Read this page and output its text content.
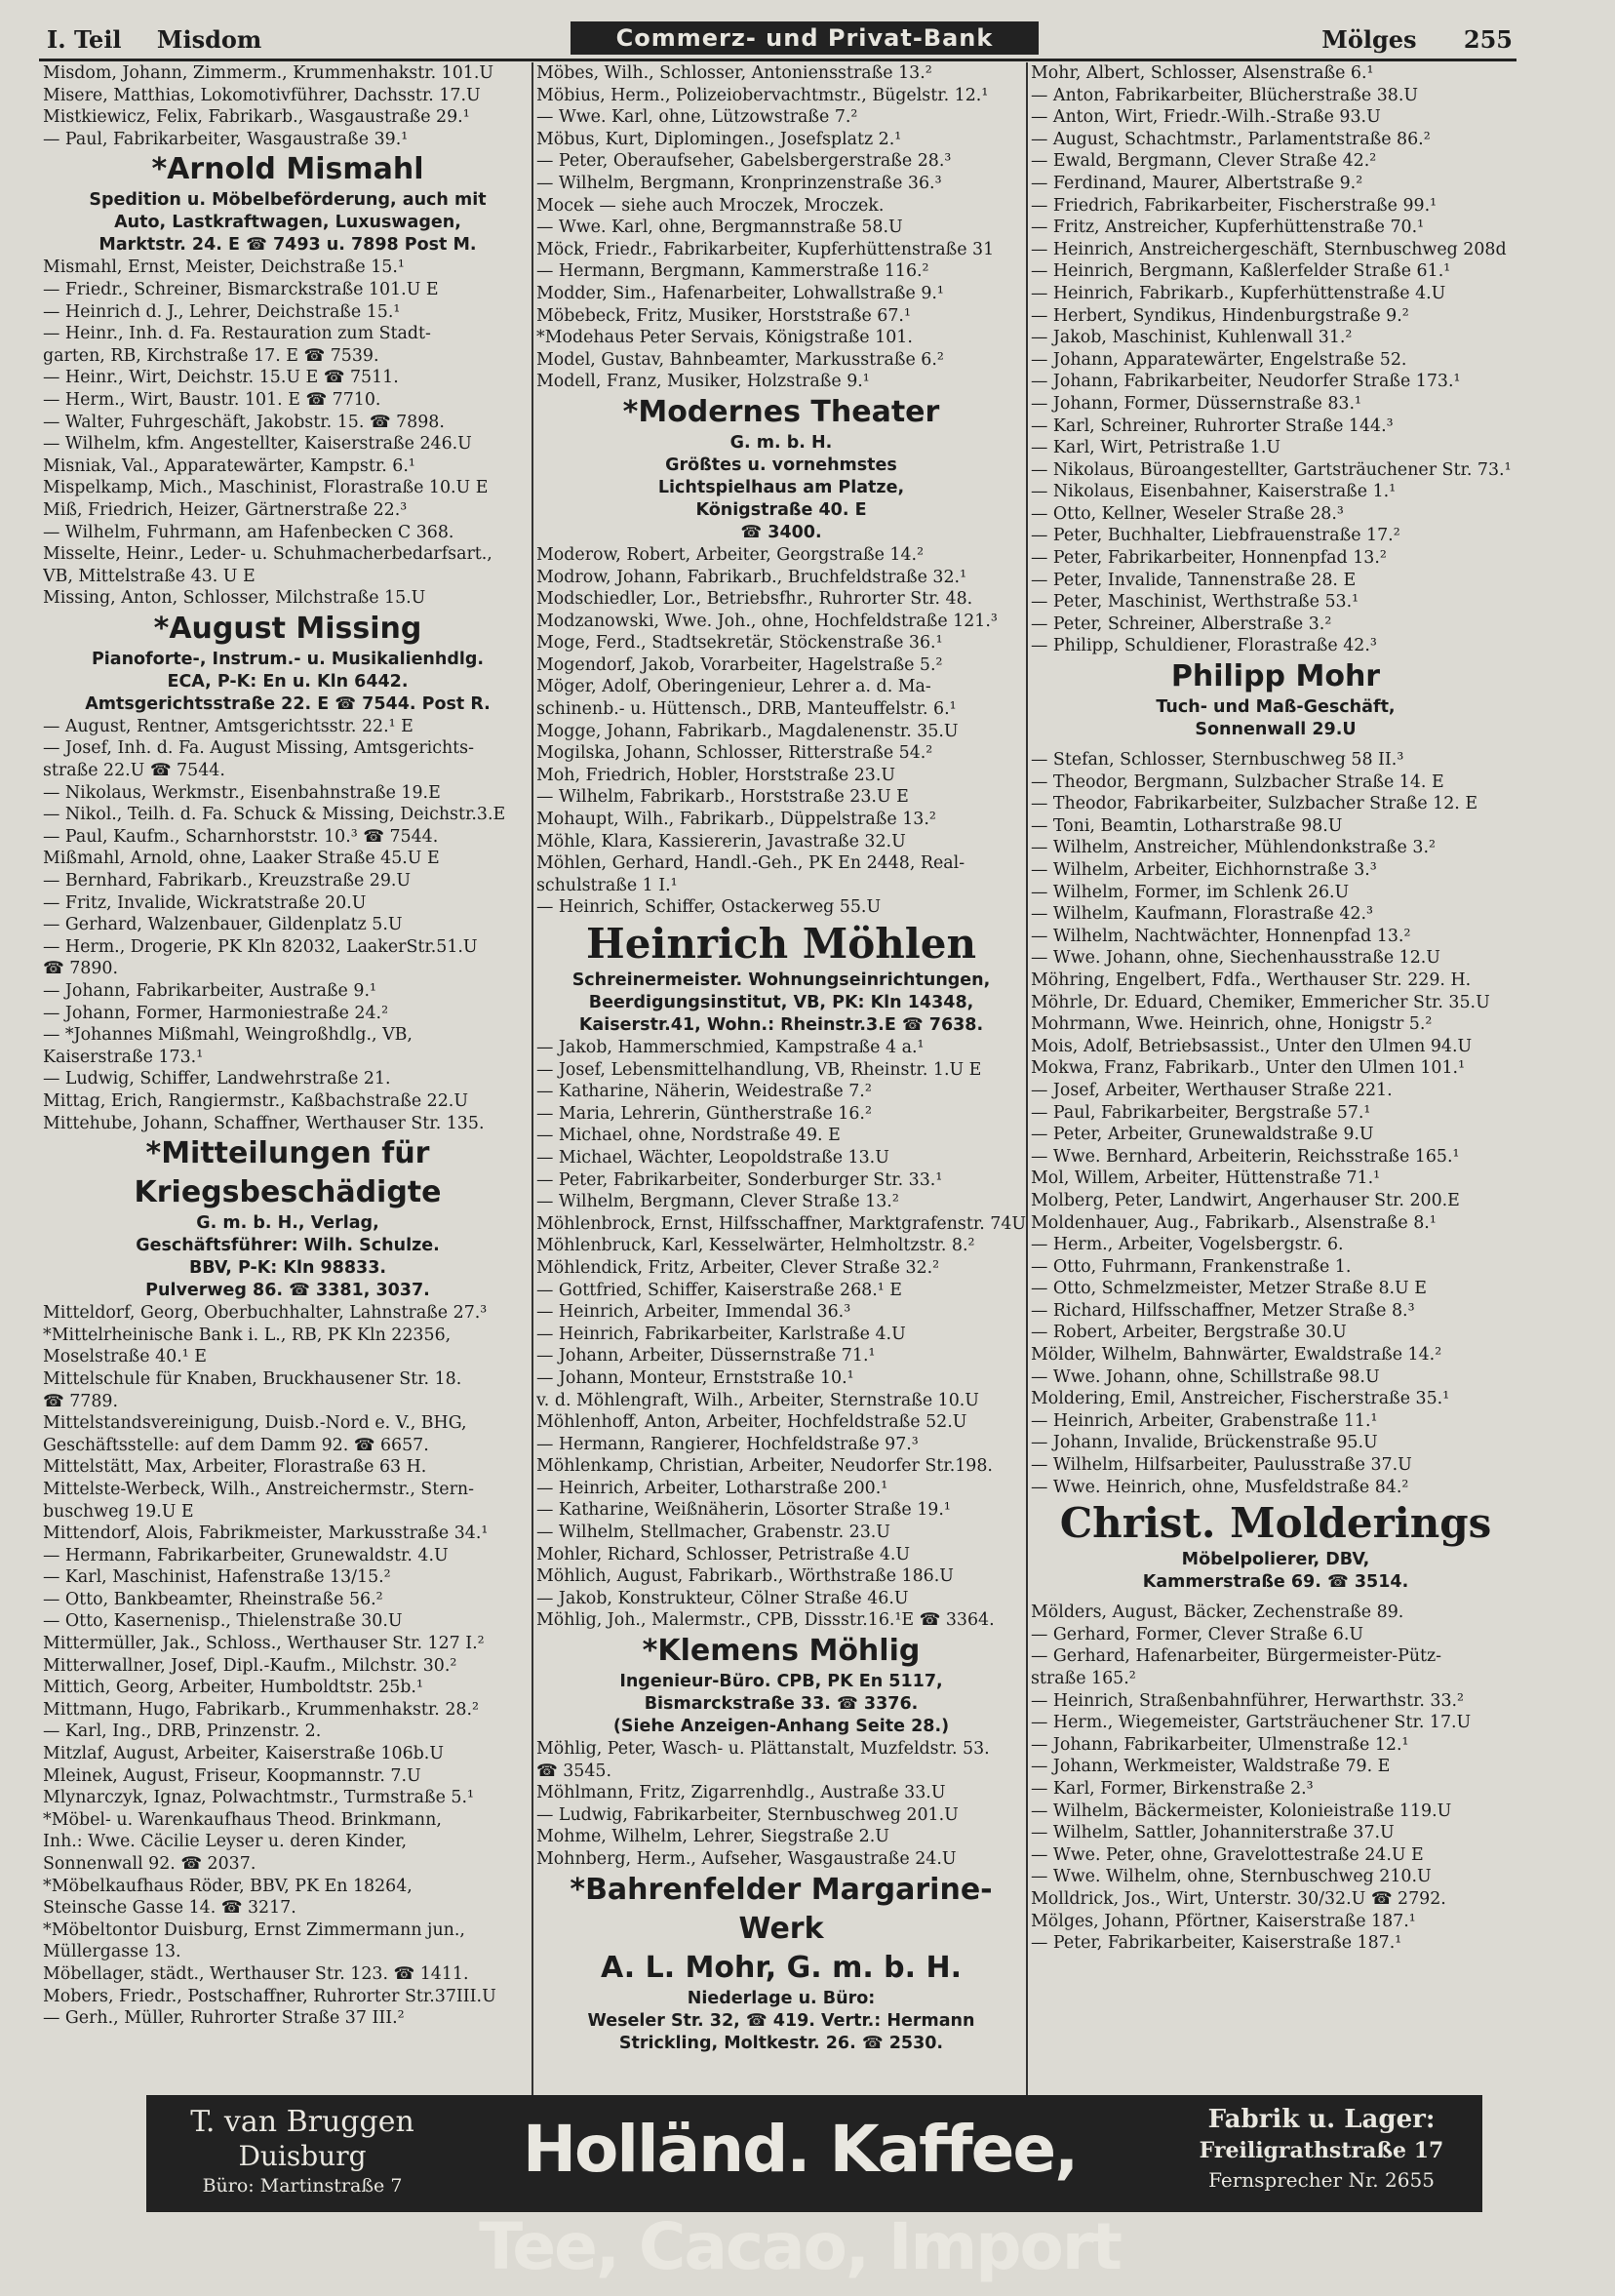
I. Teil Misdom	Commerz- und Privat-Bank	Mölges 255
Misdom, Johann, Zimmerm., Krummenhakstr. 101.U
Misere, Matthias, Lokomotivführer, Dachsstr. 17.U
Mistkiewicz, Felix, Fabrikarb., Wasgaustraße 29.¹
— Paul, Fabrikarbeiter, Wasgaustraße 39.¹
*Arnold Mismahl
Spedition u. Möbelbeförderung, auch mit
Auto, Lastkraftwagen, Luxuswagen,
Marktstr. 24. E ☎ 7493 u. 7898 Post M.
Mismahl, Ernst, Meister, Deichstraße 15.¹
— Friedr., Schreiner, Bismarckstraße 101.U E
— Heinrich d. J., Lehrer, Deichstraße 15.¹
— Heinr., Inh. d. Fa. Restauration zum Stadt-
garten, RB, Kirchstraße 17. E ☎ 7539.
— Heinr., Wirt, Deichstr. 15.U E ☎ 7511.
— Herm., Wirt, Baustr. 101. E ☎ 7710.
— Walter, Fuhrgeschäft, Jakobstr. 15. ☎ 7898.
— Wilhelm, kfm. Angestellter, Kaiserstraße 246.U
Misniak, Val., Apparatewärter, Kampstr. 6.¹
Mispelkamp, Mich., Maschinist, Florastraße 10.U E
Miß, Friedrich, Heizer, Gärtnerstraße 22.³
— Wilhelm, Fuhrmann, am Hafenbecken C 368.
Misselte, Heinr., Leder- u. Schuhmacherbedarfsart.,
VB, Mittelstraße 43. U E
Missing, Anton, Schlosser, Milchstraße 15.U
*August Missing
Pianoforte-, Instrum.- u. Musikalienhdlg.
ECA, P-K: En u. Kln 6442.
Amtsgerichtsstraße 22. E ☎ 7544. Post R.
— August, Rentner, Amtsgerichtsstr. 22.¹ E
— Josef, Inh. d. Fa. August Missing, Amtsgerichts-
straße 22.U ☎ 7544.
— Nikolaus, Werkmstr., Eisenbahnstraße 19.E
— Nikol., Teilh. d. Fa. Schuck & Missing, Deichstr.3.E
— Paul, Kaufm., Scharnhorststr. 10.³ ☎ 7544.
Mißmahl, Arnold, ohne, Laaker Straße 45.U E
— Bernhard, Fabrikarb., Kreuzstraße 29.U
— Fritz, Invalide, Wickratstraße 20.U
— Gerhard, Walzenbauer, Gildenplatz 5.U
— Herm., Drogerie, PK Kln 82032, LaakerStr.51.U
☎ 7890.
— Johann, Fabrikarbeiter, Austraße 9.¹
— Johann, Former, Harmoniestraße 24.²
— *Johannes Mißmahl, Weingroßhdlg., VB,
Kaiserstraße 173.¹
— Ludwig, Schiffer, Landwehrstraße 21.
Mittag, Erich, Rangiermstr., Kaßbachstraße 22.U
Mittehube, Johann, Schaffner, Werthauser Str. 135.
*Mitteilungen für Kriegsbeschädigte
G. m. b. H., Verlag,
Geschäftsführer: Wilh. Schulze.
BBV, P-K: Kln 98833.
Pulverweg 86. ☎ 3381, 3037.
Mitteldorf, Georg, Oberbuchhalter, Lahnstraße 27.³
*Mittelrheinische Bank i. L., RB, PK Kln 22356,
Moselstraße 40.¹ E
Mittelschule für Knaben, Bruckhausener Str. 18.
☎ 7789.
Mittelstandsvereinigung, Duisb.-Nord e. V., BHG,
Geschäftsstelle: auf dem Damm 92. ☎ 6657.
Mittelstätt, Max, Arbeiter, Florastraße 63 H.
Mittelste-Werbeck, Wilh., Anstreichermstr., Stern-
buschweg 19.U E
Mittendorf, Alois, Fabrikmeister, Markusstraße 34.¹
— Hermann, Fabrikarbeiter, Grunewaldstr. 4.U
— Karl, Maschinist, Hafenstraße 13/15.²
— Otto, Bankbeamter, Rheinstraße 56.²
— Otto, Kasernenisp., Thielenstraße 30.U
Mittermüller, Jak., Schloss., Werthauser Str. 127 I.²
Mitterwallner, Josef, Dipl.-Kaufm., Milchstr. 30.²
Mittich, Georg, Arbeiter, Humboldtstr. 25b.¹
Mittmann, Hugo, Fabrikarb., Krummenhakstr. 28.²
— Karl, Ing., DRB, Prinzenstr. 2.
Mitzlaf, August, Arbeiter, Kaiserstraße 106b.U
Mleinek, August, Friseur, Koopmannstr. 7.U
Mlynarczyk, Ignaz, Polwachtmstr., Turmstraße 5.¹
*Möbel- u. Warenkaufhaus Theod. Brinkmann,
Inh.: Wwe. Cäcilie Leyser u. deren Kinder,
Sonnenwall 92. ☎ 2037.
*Möbelkaufhaus Röder, BBV, PK En 18264,
Steinsche Gasse 14. ☎ 3217.
*Möbeltontor Duisburg, Ernst Zimmermann jun.,
Müllergasse 13.
Möbellager, städt., Werthauser Str. 123. ☎ 1411.
Mobers, Friedr., Postschaffner, Ruhrorter Str.37III.U
— Gerh., Müller, Ruhrorter Straße 37 III.²
Möbes, Wilh., Schlosser, Antoniensstraße 13.²
Möbius, Herm., Polizeiobervachtmstr., Bügelstr. 12.¹
— Wwe. Karl, ohne, Lützowstraße 7.²
Möbus, Kurt, Diplomingen., Josefsplatz 2.¹
— Peter, Oberaufseher, Gabelsbergerstraße 28.³
— Wilhelm, Bergmann, Kronprinzenstraße 36.³
Mocek — siehe auch Mroczek, Mroczek.
— Wwe. Karl, ohne, Bergmannstraße 58.U
Möck, Friedr., Fabrikarbeiter, Kupferhüttenstraße 31
— Hermann, Bergmann, Kammerstraße 116.²
Modder, Sim., Hafenarbeiter, Lohwallstraße 9.¹
Möbebeck, Fritz, Musiker, Horststraße 67.¹
*Modehaus Peter Servais, Königstraße 101.
Model, Gustav, Bahnbeamter, Markusstraße 6.²
Modell, Franz, Musiker, Holzstraße 9.¹
*Modernes Theater
G. m. b. H.
Größtes u. vornehmstes
Lichtspielhaus am Platze,
Königstraße 40. E
☎ 3400.
Moderow, Robert, Arbeiter, Georgstraße 14.²
Modrow, Johann, Fabrikarb., Bruchfeldstraße 32.¹
Modschiedler, Lor., Betriebsfhr., Ruhrorter Str. 48.
Modzanowski, Wwe. Joh., ohne, Hochfeldstraße 121.³
Moge, Ferd., Stadtsekretär, Stöckenstraße 36.¹
Mogendorf, Jakob, Vorarbeiter, Hagelstraße 5.²
Möger, Adolf, Oberingenieur, Lehrer a. d. Ma-
schinenb.- u. Hüttensch., DRB, Manteuffelstr. 6.¹
Mogge, Johann, Fabrikarb., Magdalenenstr. 35.U
Mogilska, Johann, Schlosser, Ritterstraße 54.²
Moh, Friedrich, Hobler, Horststraße 23.U
— Wilhelm, Fabrikarb., Horststraße 23.U E
Mohaupt, Wilh., Fabrikarb., Düppelstraße 13.²
Möhle, Klara, Kassiererin, Javastraße 32.U
Möhlen, Gerhard, Handl.-Geh., PK En 2448, Real-
schulstraße 1 I.¹
— Heinrich, Schiffer, Ostackerweg 55.U
Heinrich Möhlen
Schreinermeister. Wohnungseinrichtungen,
Beerdigungsinstitut, VB, PK: Kln 14348,
Kaiserstr.41, Wohn.: Rheinstr.3.E ☎ 7638.
— Jakob, Hammerschmied, Kampstraße 4 a.¹
— Josef, Lebensmittelhandlung, VB, Rheinstr. 1.U E
— Katharine, Näherin, Weidestraße 7.²
— Maria, Lehrerin, Güntherstraße 16.²
— Michael, ohne, Nordstraße 49. E
— Michael, Wächter, Leopoldstraße 13.U
— Peter, Fabrikarbeiter, Sonderburger Str. 33.¹
— Wilhelm, Bergmann, Clever Straße 13.²
Möhlenbrock, Ernst, Hilfsschaffner, Marktgrafenstr. 74U
Möhlenbruck, Karl, Kesselwärter, Helmholtzstr. 8.²
Möhlendick, Fritz, Arbeiter, Clever Straße 32.²
— Gottfried, Schiffer, Kaiserstraße 268.¹ E
— Heinrich, Arbeiter, Immendal 36.³
— Heinrich, Fabrikarbeiter, Karlstraße 4.U
— Johann, Arbeiter, Düssernstraße 71.¹
— Johann, Monteur, Ernststraße 10.¹
v. d. Möhlengraft, Wilh., Arbeiter, Sternstraße 10.U
Möhlenhoff, Anton, Arbeiter, Hochfeldstraße 52.U
— Hermann, Rangierer, Hochfeldstraße 97.³
Möhlenkamp, Christian, Arbeiter, Neudorfer Str.198.
— Heinrich, Arbeiter, Lotharstraße 200.¹
— Katharine, Weißnäherin, Lösorter Straße 19.¹
— Wilhelm, Stellmacher, Grabenstr. 23.U
Mohler, Richard, Schlosser, Petristraße 4.U
Möhlich, August, Fabrikarb., Wörthstraße 186.U
— Jakob, Konstrukteur, Cölner Straße 46.U
Möhlig, Joh., Malermstr., CPB, Dissstr.16.¹E ☎ 3364.
*Klemens Möhlig
Ingenieur-Büro. CPB, PK En 5117,
Bismarckstraße 33. ☎ 3376.
(Siehe Anzeigen-Anhang Seite 28.)
Möhlig, Peter, Wasch- u. Plättanstalt, Muzfeldstr. 53.
☎ 3545.
Möhlmann, Fritz, Zigarrenhdlg., Austraße 33.U
— Ludwig, Fabrikarbeiter, Sternbuschweg 201.U
Mohme, Wilhelm, Lehrer, Siegstraße 2.U
Mohnberg, Herm., Aufseher, Wasgaustraße 24.U
*Bahrenfelder Margarine-Werk
A. L. Mohr, G. m. b. H.
Niederlage u. Büro:
Weseler Str. 32, ☎ 419. Vertr.: Hermann
Strickling, Moltkestr. 26. ☎ 2530.
Mohr, Albert, Schlosser, Alsenstraße 6.¹
— Anton, Fabrikarbeiter, Blücherstraße 38.U
— Anton, Wirt, Friedr.-Wilh.-Straße 93.U
— August, Schachtmstr., Parlamentstraße 86.²
— Ewald, Bergmann, Clever Straße 42.²
— Ferdinand, Maurer, Albertstraße 9.²
— Friedrich, Fabrikarbeiter, Fischerstraße 99.¹
— Fritz, Anstreicher, Kupferhüttenstraße 70.¹
— Heinrich, Anstreichergeschäft, Sternbuschweg 208d
— Heinrich, Bergmann, Kaßlerfelder Straße 61.¹
— Heinrich, Fabrikarb., Kupferhüttenstraße 4.U
— Herbert, Syndikus, Hindenburgstraße 9.²
— Jakob, Maschinist, Kuhlenwall 31.²
— Johann, Apparatewärter, Engelstraße 52.
— Johann, Fabrikarbeiter, Neudorfer Straße 173.¹
— Johann, Former, Düssernstraße 83.¹
— Karl, Schreiner, Ruhrorter Straße 144.³
— Karl, Wirt, Petristraße 1.U
— Nikolaus, Büroangestellter, Gartsträuchener Str. 73.¹
— Nikolaus, Eisenbahner, Kaiserstraße 1.¹
— Otto, Kellner, Weseler Straße 28.³
— Peter, Buchhalter, Liebfrauenstraße 17.²
— Peter, Fabrikarbeiter, Honnenpfad 13.²
— Peter, Invalide, Tannenstraße 28. E
— Peter, Maschinist, Werthstraße 53.¹
— Peter, Schreiner, Alberstraße 3.²
— Philipp, Schuldiener, Florastraße 42.³
Philipp Mohr
Tuch- und Maß-Geschäft,
Sonnenwall 29.U
— Stefan, Schlosser, Sternbuschweg 58 II.³
— Theodor, Bergmann, Sulzbacher Straße 14. E
— Theodor, Fabrikarbeiter, Sulzbacher Straße 12. E
— Toni, Beamtin, Lotharstraße 98.U
— Wilhelm, Anstreicher, Mühlendonkstraße 3.²
— Wilhelm, Arbeiter, Eichhornstraße 3.³
— Wilhelm, Former, im Schlenk 26.U
— Wilhelm, Kaufmann, Florastraße 42.³
— Wilhelm, Nachtwächter, Honnenpfad 13.²
— Wwe. Johann, ohne, Siechenhausstraße 12.U
Möhring, Engelbert, Fdfa., Werthauser Str. 229. H.
Möhrle, Dr. Eduard, Chemiker, Emmericher Str. 35.U
Mohrmann, Wwe. Heinrich, ohne, Honigstr 5.²
Mois, Adolf, Betriebsassist., Unter den Ulmen 94.U
Mokwa, Franz, Fabrikarb., Unter den Ulmen 101.¹
— Josef, Arbeiter, Werthauser Straße 221.
— Paul, Fabrikarbeiter, Bergstraße 57.¹
— Peter, Arbeiter, Grunewaldstraße 9.U
— Wwe. Bernhard, Arbeiterin, Reichsstraße 165.¹
Mol, Willem, Arbeiter, Hüttenstraße 71.¹
Molberg, Peter, Landwirt, Angerhauser Str. 200.E
Moldenhauer, Aug., Fabrikarb., Alsenstraße 8.¹
— Herm., Arbeiter, Vogelsbergstr. 6.
— Otto, Fuhrmann, Frankenstraße 1.
— Otto, Schmelzmeister, Metzer Straße 8.U E
— Richard, Hilfsschaffner, Metzer Straße 8.³
— Robert, Arbeiter, Bergstraße 30.U
Mölder, Wilhelm, Bahnwärter, Ewaldstraße 14.²
— Wwe. Johann, ohne, Schillstraße 98.U
Moldering, Emil, Anstreicher, Fischerstraße 35.¹
— Heinrich, Arbeiter, Grabenstraße 11.¹
— Johann, Invalide, Brückenstraße 95.U
— Wilhelm, Hilfsarbeiter, Paulusstraße 37.U
— Wwe. Heinrich, ohne, Musfeldstraße 84.²
Christ. Molderings
Möbelpolierer, DBV,
Kammerstraße 69. ☎ 3514.
Mölders, August, Bäcker, Zechenstraße 89.
— Gerhard, Former, Clever Straße 6.U
— Gerhard, Hafenarbeiter, Bürgermeister-Pütz-
straße 165.²
— Heinrich, Straßenbahnführer, Herwarthstr. 33.²
— Herm., Wiegemeister, Gartsträuchener Str. 17.U
— Johann, Fabrikarbeiter, Ulmenstraße 12.¹
— Johann, Werkmeister, Waldstraße 79. E
— Karl, Former, Birkenstraße 2.³
— Wilhelm, Bäckermeister, Kolonieistraße 119.U
— Wilhelm, Sattler, Johanniterstraße 37.U
— Wwe. Peter, ohne, Gravelottestraße 24.U E
— Wwe. Wilhelm, ohne, Sternbuschweg 210.U
Molldrick, Jos., Wirt, Unterstr. 30/32.U ☎ 2792.
Mölges, Johann, Pförtner, Kaiserstraße 187.¹
— Peter, Fabrikarbeiter, Kaiserstraße 187.¹
T. van Bruggen
Duisburg
Büro: Martinstraße 7	Holländ. Kaffee, Tee, Cacao, Import
Fabrik u. Lager:
Freiligrathstraße 17
Fernsprecher Nr. 2655
